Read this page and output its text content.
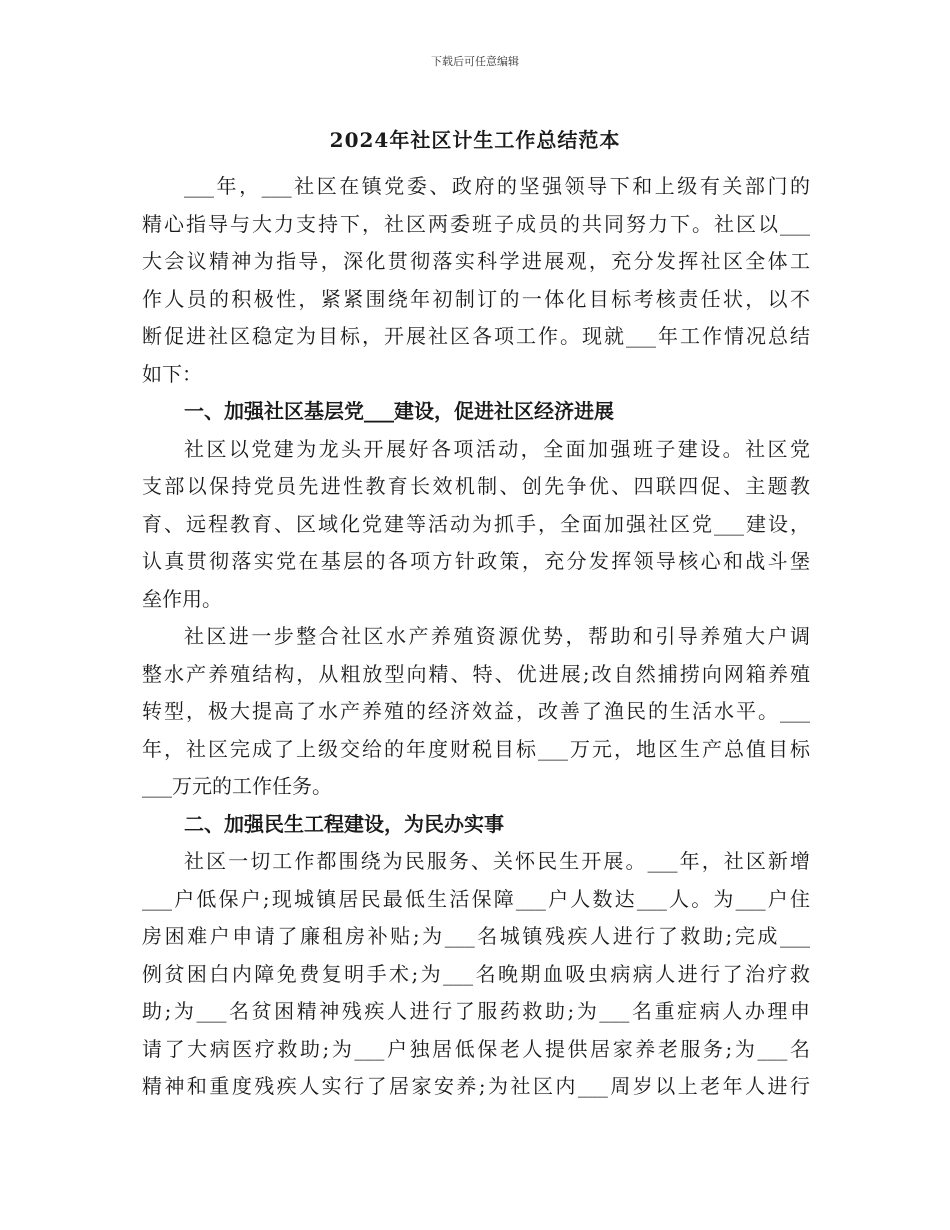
下载后可任意编辑
2024年社区计生工作总结范本
___年，___社区在镇党委、政府的坚强领导下和上级有关部门的
精心指导与大力支持下，社区两委班子成员的共同努力下。社区以___
大会议精神为指导，深化贯彻落实科学进展观，充分发挥社区全体工
作人员的积极性，紧紧围绕年初制订的一体化目标考核责任状，以不
断促进社区稳定为目标，开展社区各项工作。现就___年工作情况总结
如下：
一、加强社区基层党___建设，促进社区经济进展
社区以党建为龙头开展好各项活动，全面加强班子建设。社区党
支部以保持党员先进性教育长效机制、创先争优、四联四促、主题教
育、远程教育、区域化党建等活动为抓手，全面加强社区党___建设，
认真贯彻落实党在基层的各项方针政策，充分发挥领导核心和战斗堡
垒作用。
社区进一步整合社区水产养殖资源优势，帮助和引导养殖大户调
整水产养殖结构，从粗放型向精、特、优进展;改自然捕捞向网箱养殖
转型，极大提高了水产养殖的经济效益，改善了渔民的生活水平。___
年，社区完成了上级交给的年度财税目标___万元，地区生产总值目标
___万元的工作任务。
二、加强民生工程建设，为民办实事
社区一切工作都围绕为民服务、关怀民生开展。___年，社区新增
___户低保户;现城镇居民最低生活保障___户人数达___人。为___户住
房困难户申请了廉租房补贴;为___名城镇残疾人进行了救助;完成___
例贫困白内障免费复明手术;为___名晚期血吸虫病病人进行了治疗救
助;为___名贫困精神残疾人进行了服药救助;为___名重症病人办理申
请了大病医疗救助;为___户独居低保老人提供居家养老服务;为___名
精神和重度残疾人实行了居家安养;为社区内___周岁以上老年人进行
